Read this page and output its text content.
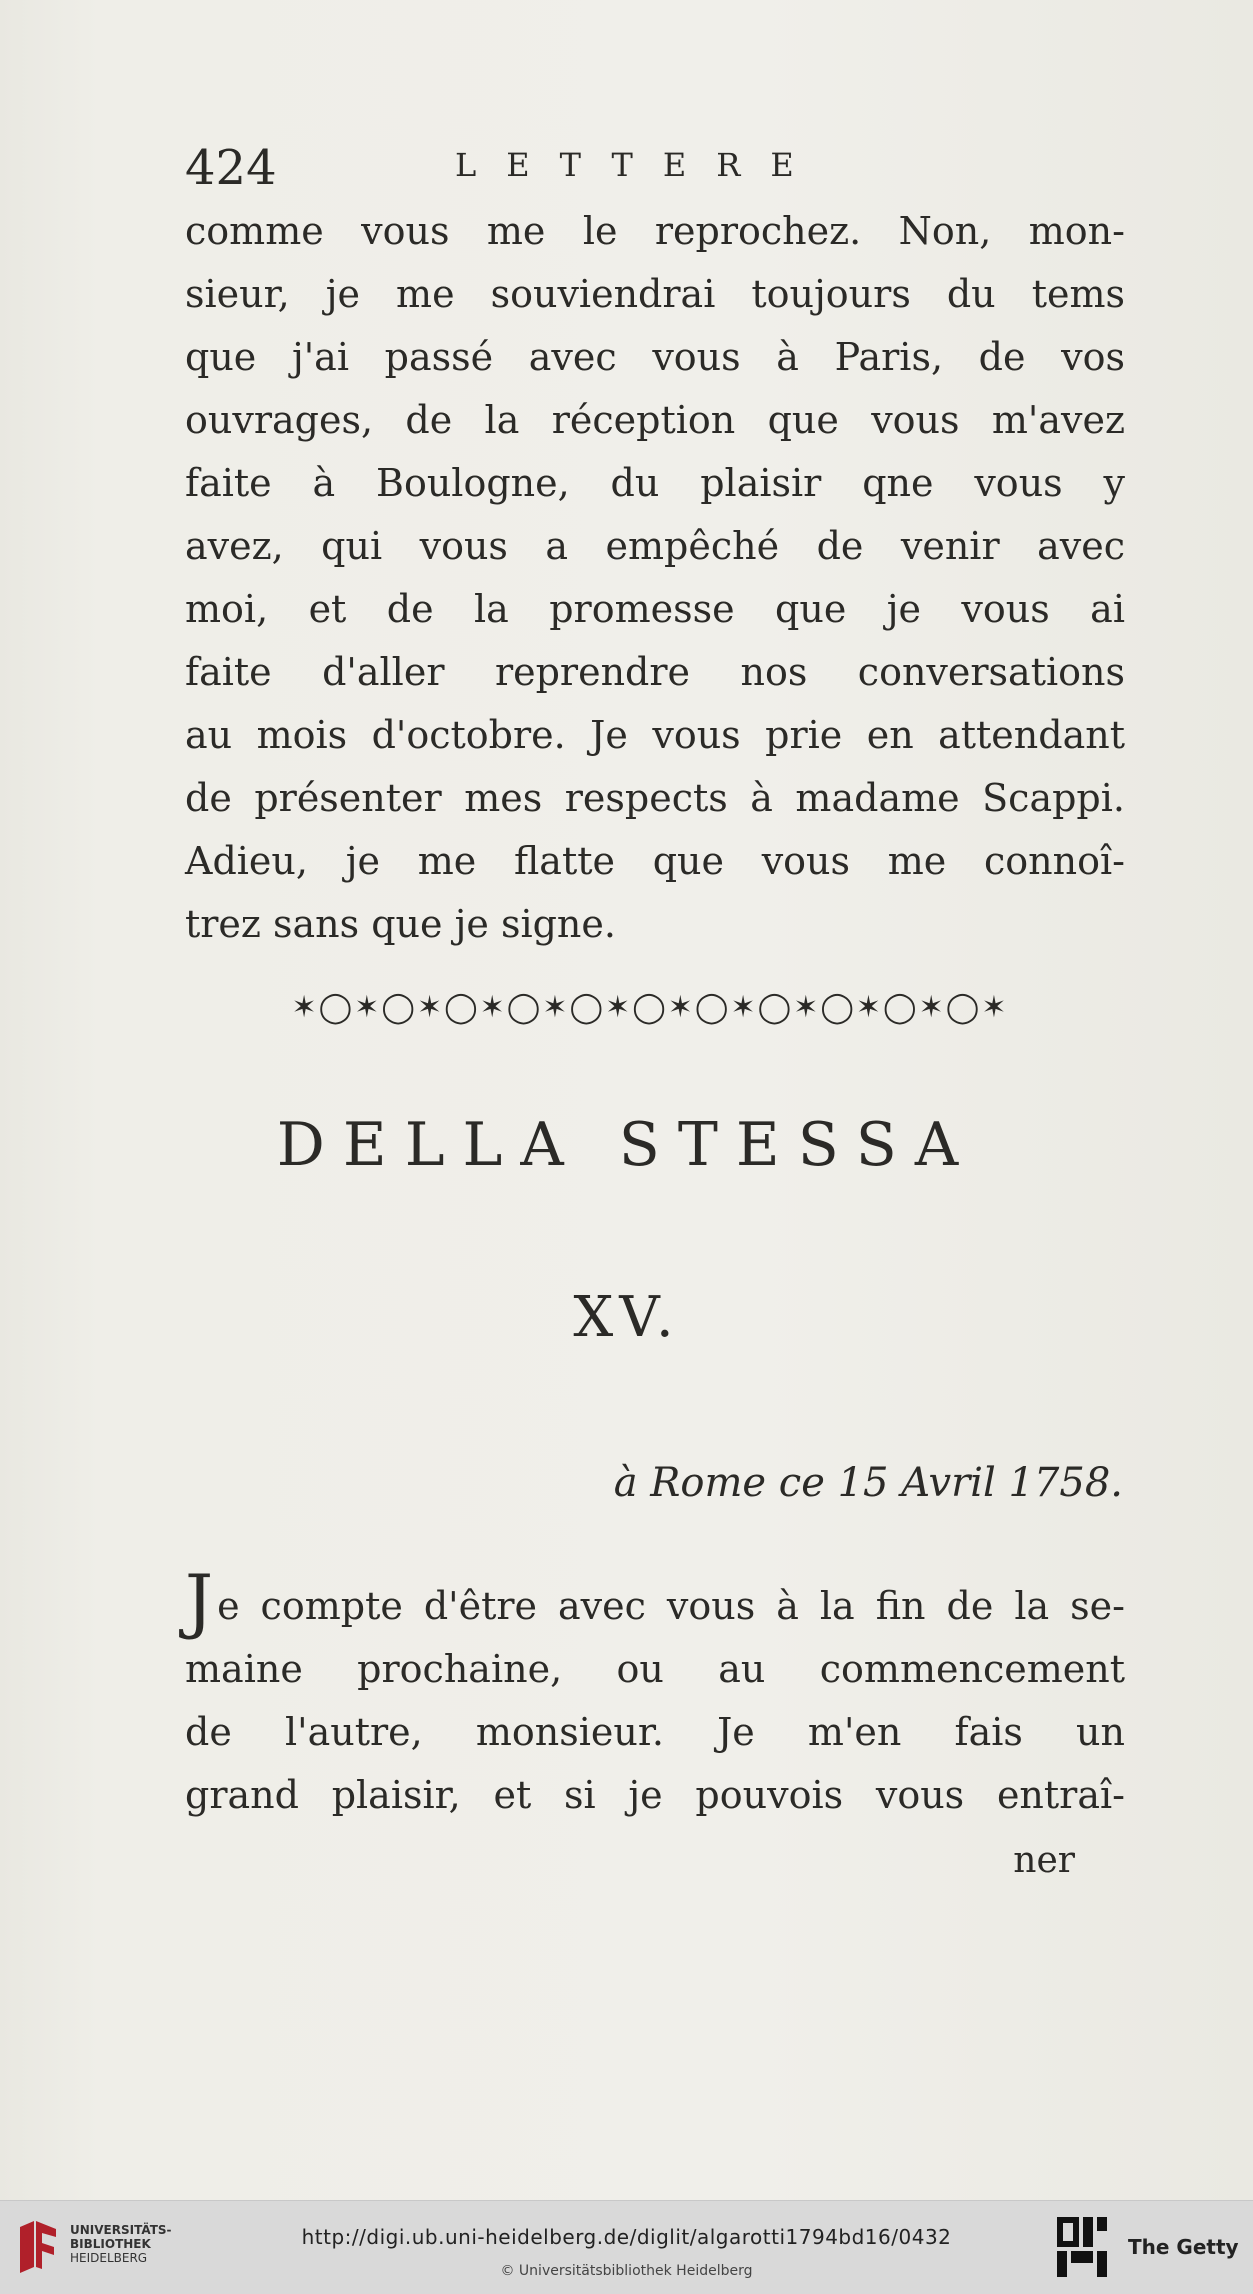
424	LETTERE
comme vous me le reprochez. Non, mon-
sieur, je me souviendrai toujours du tems
que j'ai passé avec vous à Paris, de vos
ouvrages, de la réception que vous m'avez
faite à Boulogne, du plaisir qne vous y
avez, qui vous a empêché de venir avec
moi, et de la promesse que je vous ai
faite d'aller reprendre nos conversations
au mois d'octobre. Je vous prie en attendant
de présenter mes respects à madame Scappi.
Adieu, je me flatte que vous me connoî-
trez sans que je signe.
✶◯✶◯✶◯✶◯✶◯✶◯✶◯✶◯✶◯✶◯✶◯✶
DELLA STESSA
XV.
à Rome ce 15 Avril 1758.
Je compte d'être avec vous à la fin de la se-
maine prochaine, ou au commencement
de l'autre, monsieur. Je m'en fais un
grand plaisir, et si je pouvois vous entraî-
ner
UNIVERSITÄTS-
BIBLIOTHEK
HEIDELBERG
http://digi.ub.uni-heidelberg.de/diglit/algarotti1794bd16/0432
© Universitätsbibliothek Heidelberg
The Getty
